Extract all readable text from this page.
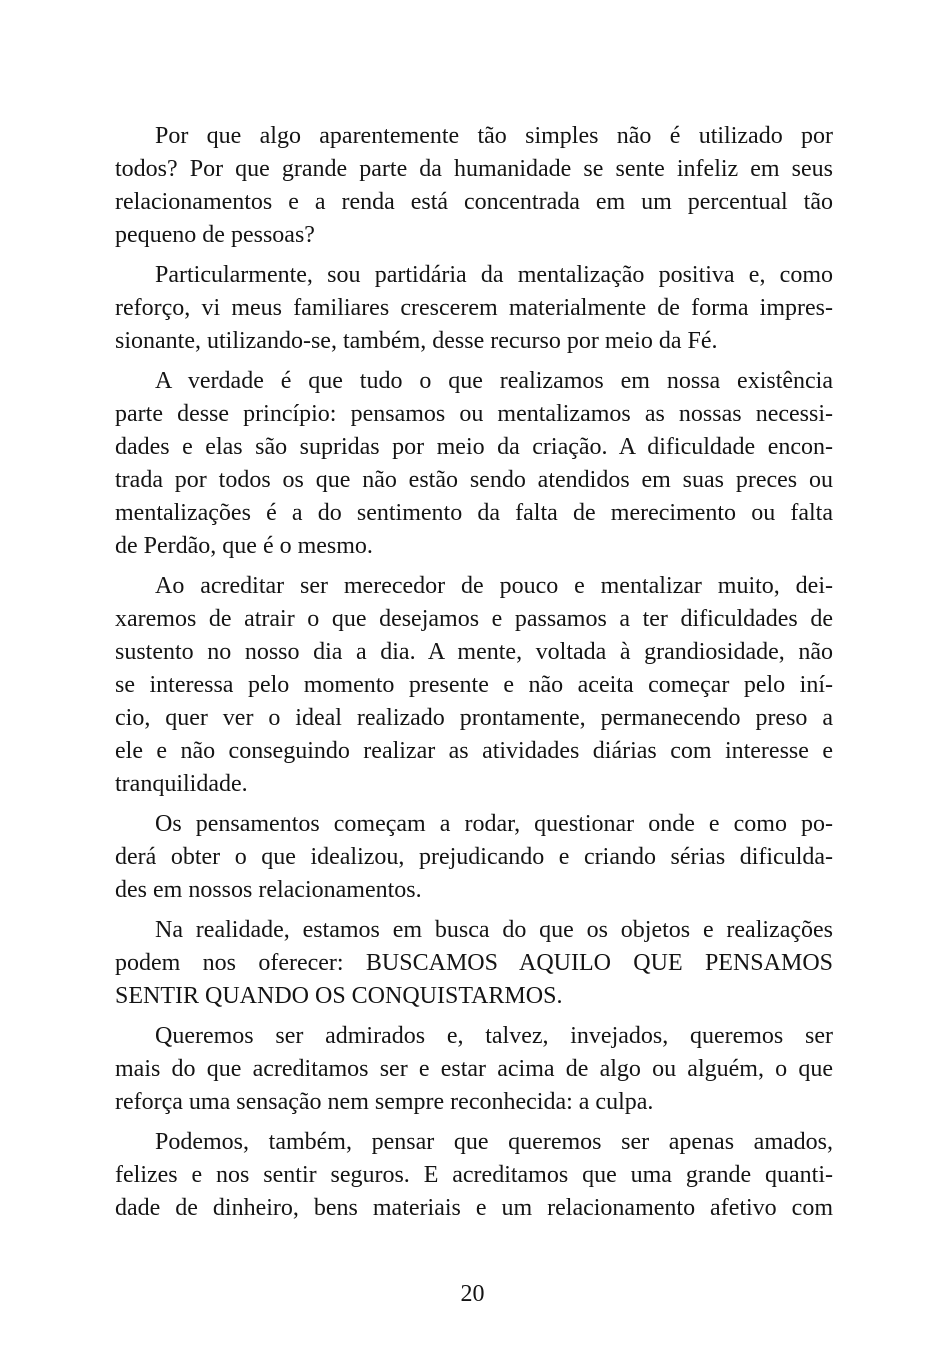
Por que algo aparentemente tão simples não é utilizado por
todos? Por que grande parte da humanidade se sente infeliz em seus
relacionamentos e a renda está concentrada em um percentual tão
pequeno de pessoas?

Particularmente, sou partidária da mentalização positiva e, como
reforço, vi meus familiares crescerem materialmente de forma impres-
sionante, utilizando-se, também, desse recurso por meio da Fé.

A verdade é que tudo o que realizamos em nossa existência
parte desse princípio: pensamos ou mentalizamos as nossas necessi-
dades e elas são supridas por meio da criação. A dificuldade encon-
trada por todos os que não estão sendo atendidos em suas preces ou
mentalizações é a do sentimento da falta de merecimento ou falta
de Perdão, que é o mesmo.

Ao acreditar ser merecedor de pouco e mentalizar muito, dei-
xaremos de atrair o que desejamos e passamos a ter dificuldades de
sustento no nosso dia a dia. A mente, voltada à grandiosidade, não
se interessa pelo momento presente e não aceita começar pelo iní-
cio, quer ver o ideal realizado prontamente, permanecendo preso a
ele e não conseguindo realizar as atividades diárias com interesse e
tranquilidade.

Os pensamentos começam a rodar, questionar onde e como po-
derá obter o que idealizou, prejudicando e criando sérias dificulda-
des em nossos relacionamentos.

Na realidade, estamos em busca do que os objetos e realizações
podem nos oferecer: BUSCAMOS AQUILO QUE PENSAMOS
SENTIR QUANDO OS CONQUISTARMOS.

Queremos ser admirados e, talvez, invejados, queremos ser
mais do que acreditamos ser e estar acima de algo ou alguém, o que
reforça uma sensação nem sempre reconhecida: a culpa.

Podemos, também, pensar que queremos ser apenas amados,
felizes e nos sentir seguros. E acreditamos que uma grande quanti-
dade de dinheiro, bens materiais e um relacionamento afetivo com

20
